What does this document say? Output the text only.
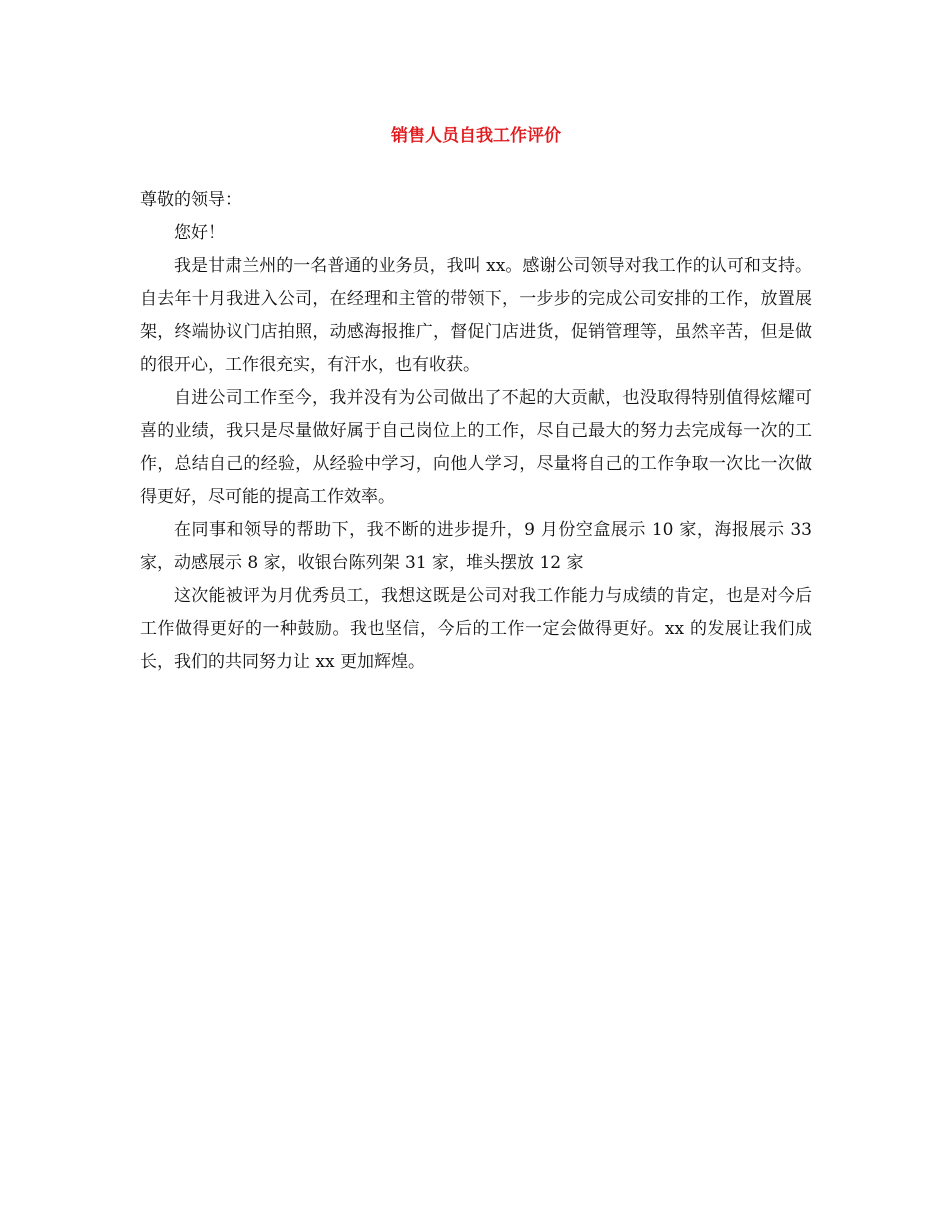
销售人员自我工作评价

尊敬的领导：

您好！

我是甘肃兰州的一名普通的业务员，我叫 xx。感谢公司领导对我工作的认可和支持。自去年十月我进入公司，在经理和主管的带领下，一步步的完成公司安排的工作，放置展架，终端协议门店拍照，动感海报推广，督促门店进货，促销管理等，虽然辛苦，但是做的很开心，工作很充实，有汗水，也有收获。

自进公司工作至今，我并没有为公司做出了不起的大贡献，也没取得特别值得炫耀可喜的业绩，我只是尽量做好属于自己岗位上的工作，尽自己最大的努力去完成每一次的工作，总结自己的经验，从经验中学习，向他人学习，尽量将自己的工作争取一次比一次做得更好，尽可能的提高工作效率。

在同事和领导的帮助下，我不断的进步提升，9 月份空盒展示 10 家，海报展示 33 家，动感展示 8 家，收银台陈列架 31 家，堆头摆放 12 家

这次能被评为月优秀员工，我想这既是公司对我工作能力与成绩的肯定，也是对今后工作做得更好的一种鼓励。我也坚信，今后的工作一定会做得更好。xx 的发展让我们成长，我们的共同努力让 xx 更加辉煌。
